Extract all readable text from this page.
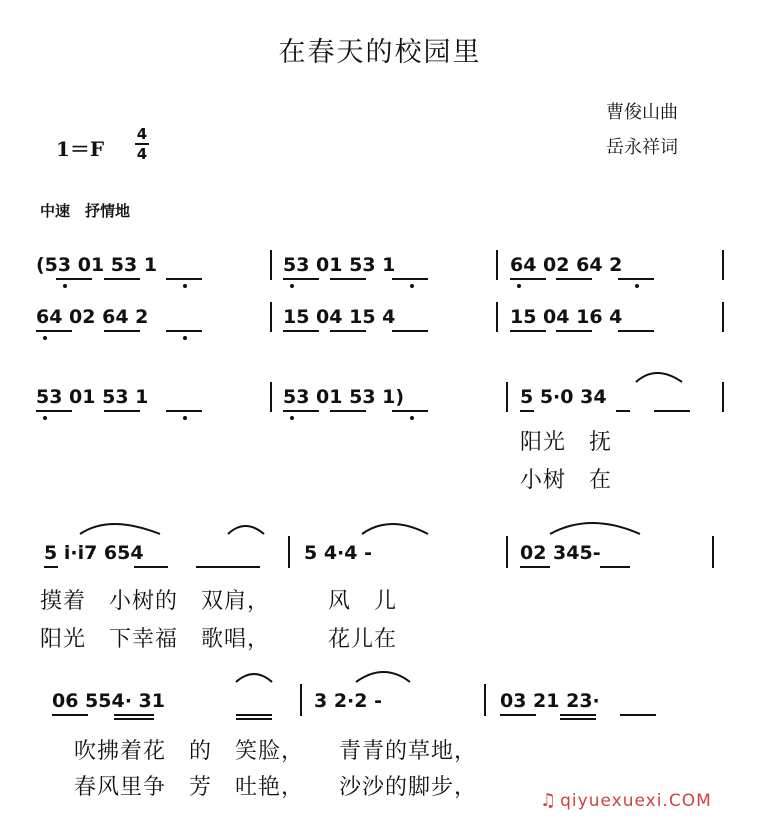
在春天的校园里
曹俊山曲
岳永祥词
1＝F
4
4
中速　抒情地
(53 01 53 1	53 01 53 1	64 02 64 2
64 02 64 2	15 04 15 4	15 04 16 4
53 01 53 1	53 01 53 1)	5 5·0 34
阳光　抚
小树　在
5 i·i7 654	5 4·4 -	02 345-
摸着　小树的　双肩，　　　风　儿
阳光　下幸福　歌唱，　　　花儿在
06 554· 31	3 2·2 -	03 21 23·
吹拂着花　的　笑脸，　　青青的草地，
春风里争　芳　吐艳，　　沙沙的脚步，
♫ qiyuexuexi.COM
